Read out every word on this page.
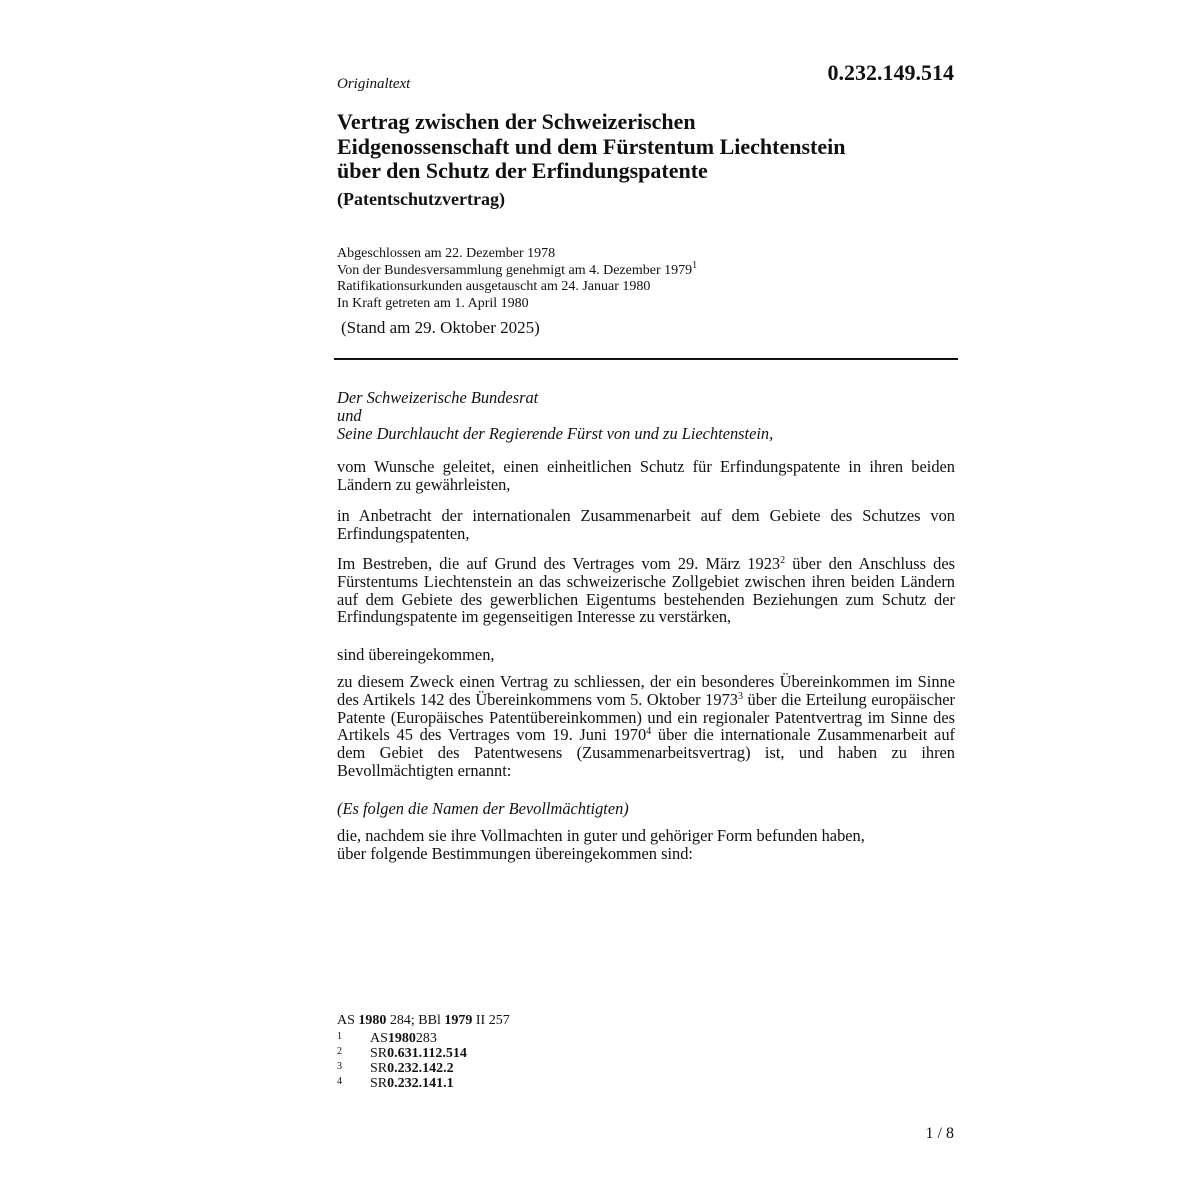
Originaltext	0.232.149.514
Vertrag zwischen der Schweizerischen
Eidgenossenschaft und dem Fürstentum Liechtenstein
über den Schutz der Erfindungspatente
(Patentschutzvertrag)
Abgeschlossen am 22. Dezember 1978
Von der Bundesversammlung genehmigt am 4. Dezember 1979$^1$
Ratifikationsurkunden ausgetauscht am 24. Januar 1980
In Kraft getreten am 1. April 1980
(Stand am 29. Oktober 2025)
Der Schweizerische Bundesrat
und
Seine Durchlaucht der Regierende Fürst von und zu Liechtenstein,
vom Wunsche geleitet, einen einheitlichen Schutz für Erfindungspatente in ihren beiden Ländern zu gewährleisten,
in Anbetracht der internationalen Zusammenarbeit auf dem Gebiete des Schutzes von Erfindungspatenten,
Im Bestreben, die auf Grund des Vertrages vom 29. März 1923$^2$ über den Anschluss des Fürstentums Liechtenstein an das schweizerische Zollgebiet zwischen ihren beiden Ländern auf dem Gebiete des gewerblichen Eigentums bestehenden Beziehungen zum Schutz der Erfindungspatente im gegenseitigen Interesse zu verstärken,
sind übereingekommen,
zu diesem Zweck einen Vertrag zu schliessen, der ein besonderes Übereinkommen im Sinne des Artikels 142 des Übereinkommens vom 5. Oktober 1973$^3$ über die Erteilung europäischer Patente (Europäisches Patentübereinkommen) und ein regionaler Patentvertrag im Sinne des Artikels 45 des Vertrages vom 19. Juni 1970$^4$ über die internationale Zusammenarbeit auf dem Gebiet des Patentwesens (Zusammenarbeitsvertrag) ist, und haben zu ihren Bevollmächtigten ernannt:
(Es folgen die Namen der Bevollmächtigten)
die, nachdem sie ihre Vollmachten in guter und gehöriger Form befunden haben,
über folgende Bestimmungen übereingekommen sind:
AS 1980 284; BBl 1979 II 257
1	AS 1980 283
2	SR 0.631.112.514
3	SR 0.232.142.2
4	SR 0.232.141.1
1 / 8
